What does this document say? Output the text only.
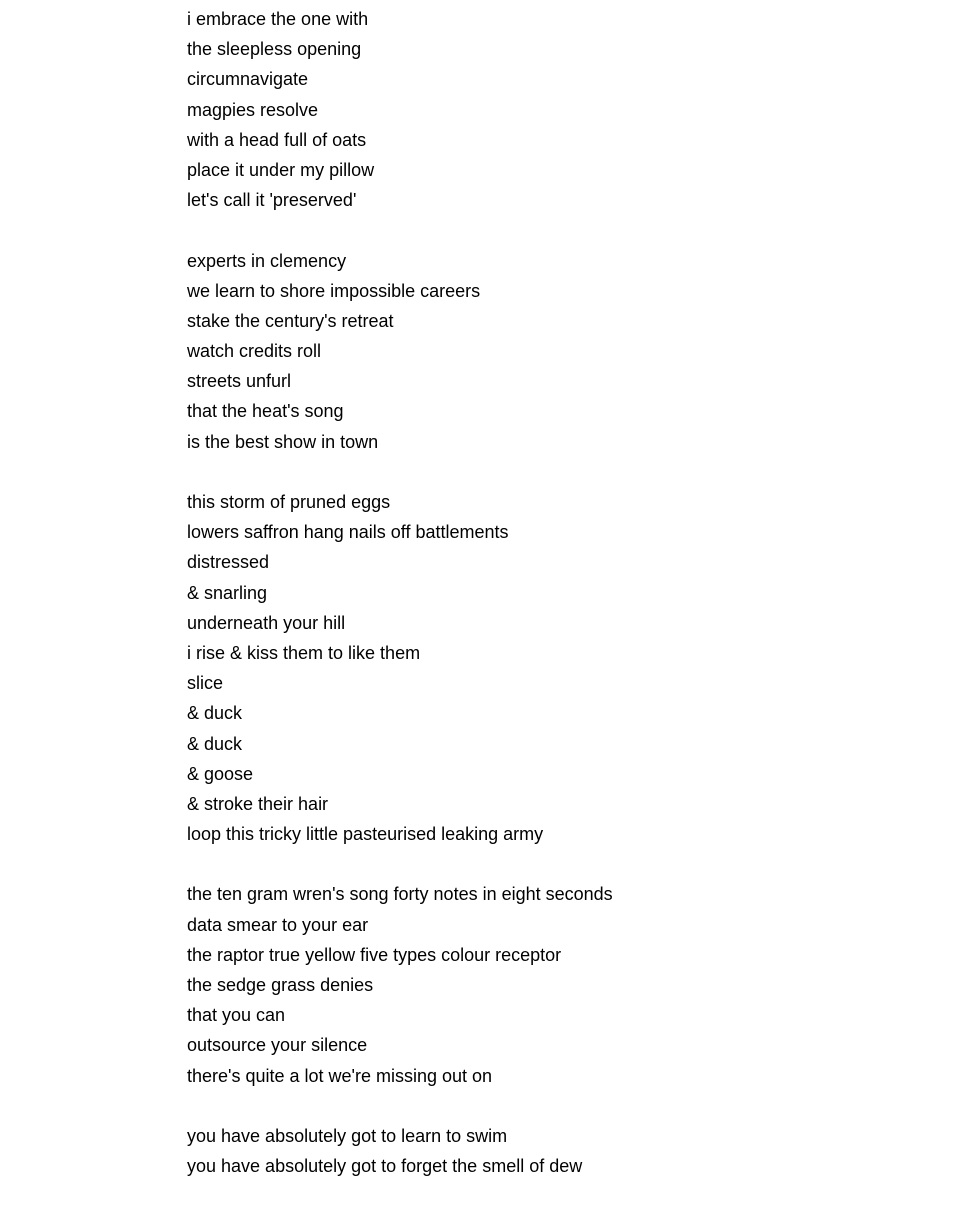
i embrace the one with
the sleepless opening
circumnavigate
magpies resolve
with a head full of oats
place it under my pillow
let's call it 'preserved'
experts in clemency
we learn to shore impossible careers
stake the century's retreat
watch credits roll
streets unfurl
that the heat's song
is the best show in town
this storm of pruned eggs
lowers saffron hang nails off battlements
distressed
& snarling
underneath your hill
i rise & kiss them to like them
slice
& duck
& duck
& goose
& stroke their hair
loop this tricky little pasteurised leaking army
the ten gram wren's song forty notes in eight seconds
data smear to your ear
the raptor true yellow five types colour receptor
the sedge grass denies
that you can
outsource your silence
there's quite a lot we're missing out on
you have absolutely got to learn to swim
you have absolutely got to forget the smell of dew
